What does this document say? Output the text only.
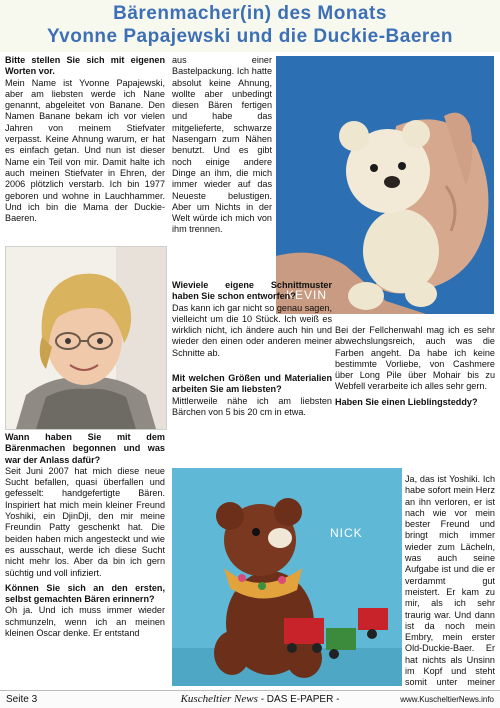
Bärenmacher(in) des Monats
Yvonne Papajewski und die Duckie-Baeren

Bitte stellen Sie sich mit eigenen Worten vor.

Mein Name ist Yvonne Papajewski, aber am liebsten werde ich Nane genannt, abgeleitet von Banane. Den Namen Banane bekam ich vor vielen Jahren von meinem Stiefvater verpasst. Keine Ahnung warum, er hat es einfach getan. Und nun ist dieser Name ein Teil von mir. Damit halte ich auch meinen Stiefvater in Ehren, der 2006 plötzlich verstarb. Ich bin 1977 geboren und wohne in Lauchhammer. Und ich bin die Mama der Duckie-Baeren.

Wann haben Sie mit dem Bärenmachen begonnen und was war der Anlass dafür?

Seit Juni 2007 hat mich diese neue Sucht befallen, quasi überfallen und gefesselt: handgefertigte Bären. Inspiriert hat mich mein kleiner Freund Yoshiki, ein DjinDji, den mir meine Freundin Patty geschenkt hat. Die beiden haben mich angesteckt und wie es ausschaut, werde ich diese Sucht nicht mehr los. Aber da bin ich gern süchtig und voll infiziert.

Können Sie sich an den ersten, selbst gemachten Bären erinnern?

Oh ja. Und ich muss immer wieder schmunzeln, wenn ich an meinen kleinen Oscar denke. Er entstand

aus einer Bastelpackung. Ich hatte absolut keine Ahnung, wollte aber unbedingt diesen Bären fertigen und habe das mitgelieferte, schwarze Nasengarn zum Nähen benutzt. Und es gibt noch einige andere Dinge an ihm, die mich immer wieder auf das Neueste belustigen. Aber um Nichts in der Welt würde ich mich von ihm trennen.

KEVIN

Wieviele eigene Schnittmuster haben Sie schon entworfen?

Das kann ich gar nicht so genau sagen, vielleicht um die 10 Stück. Ich weiß es wirklich nicht, ich ändere auch hin und wieder den einen oder anderen meiner Schnitte ab.

Mit welchen Größen und Materialien arbeiten Sie am liebsten?

Mittlerweile nähe ich am liebsten Bärchen von 5 bis 20 cm in etwa.

Bei der Fellchenwahl mag ich es sehr abwechslungsreich, auch was die Farben angeht. Da habe ich keine bestimmte Vorliebe, von Cashmere über Long Pile über Mohair bis zu Webfell verarbeite ich alles sehr gern.

Haben Sie einen Lieblingsteddy?

NICK

Ja, das ist Yoshiki. Ich habe sofort mein Herz an ihn verloren, er ist nach wie vor mein bester Freund und bringt mich immer wieder zum Lächeln, was auch seine Aufgabe ist und die er verdammt gut meistert. Er kam zu mir, als ich sehr traurig war. Und dann ist da noch mein Embry, mein erster Old-Duckie-Baer. Er hat nichts als Unsinn im Kopf und steht somit unter meiner

Seite 3	Kuscheltier News - DAS E-PAPER -	www.KuscheltierNews.info
